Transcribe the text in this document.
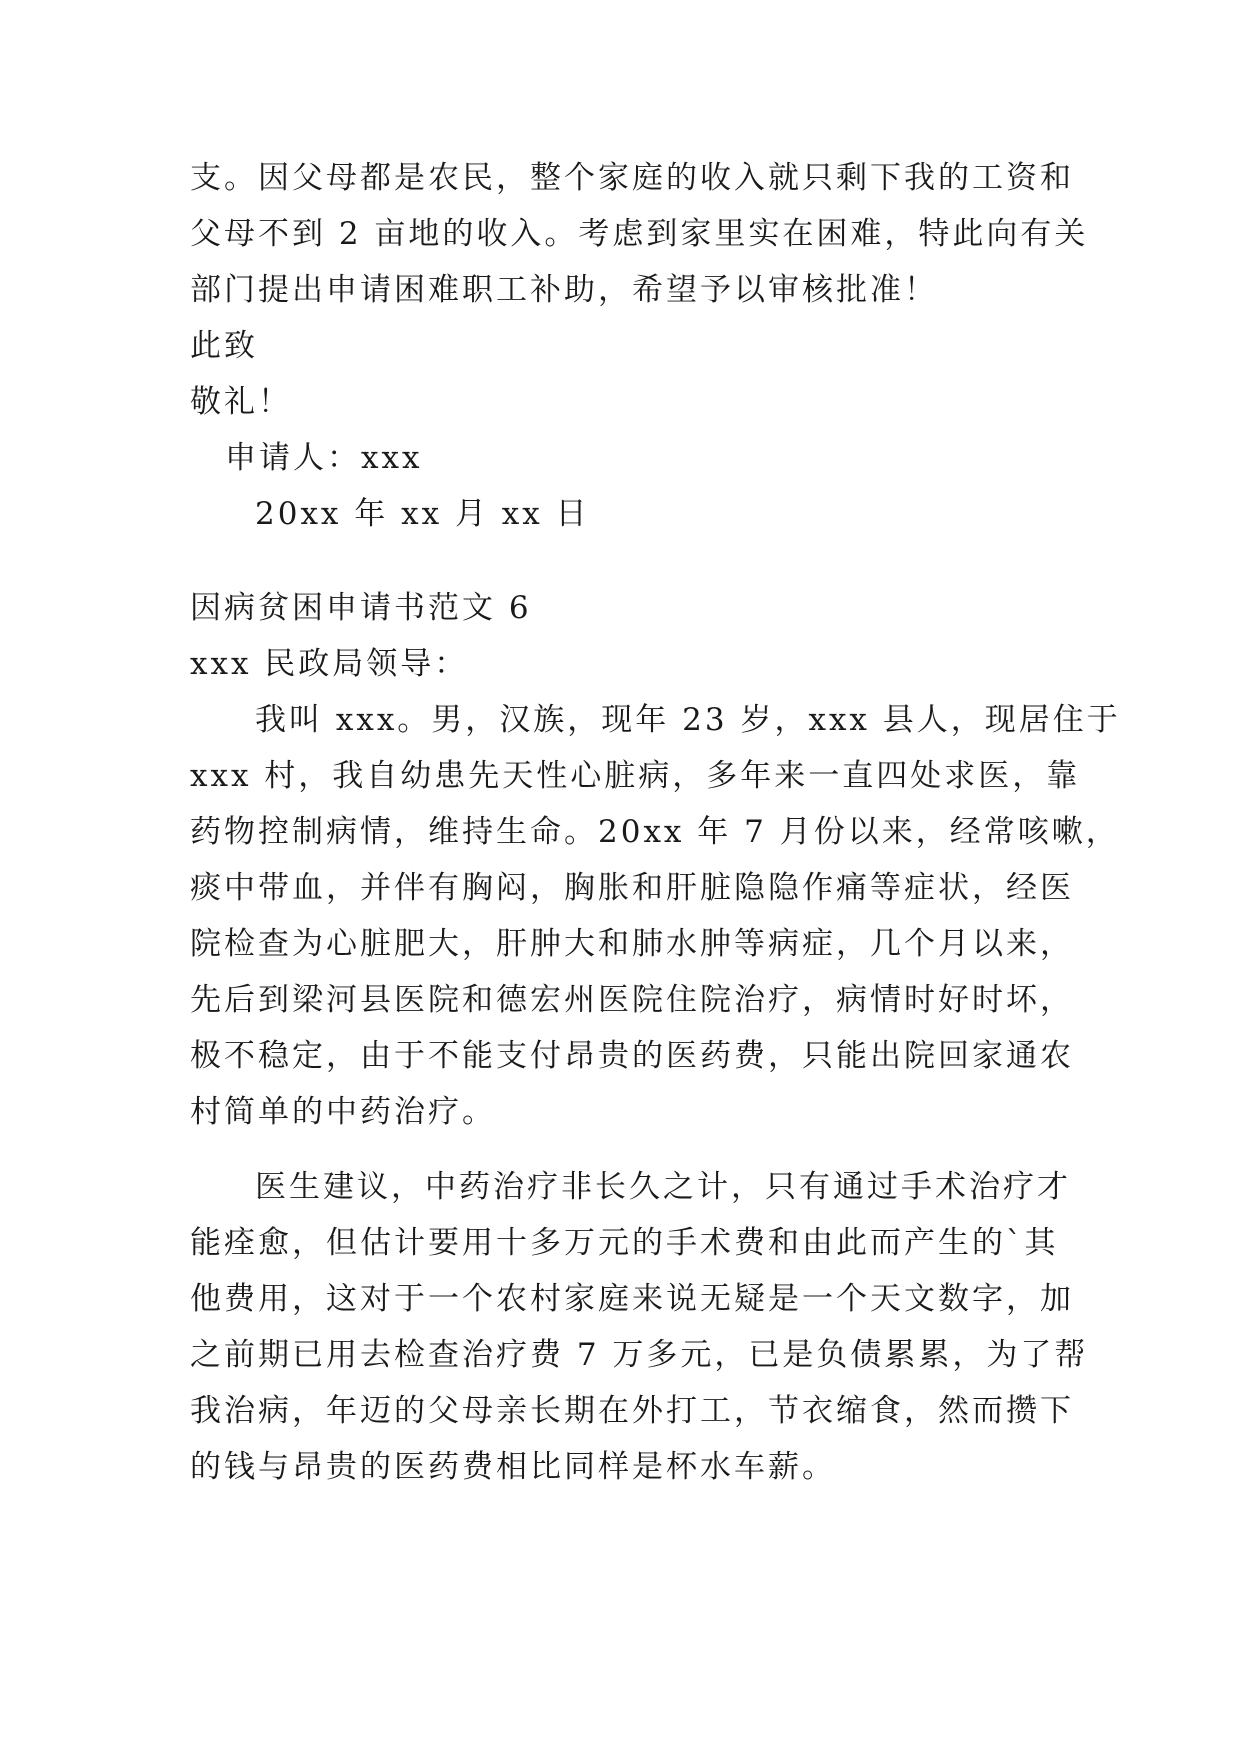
支。因父母都是农民，整个家庭的收入就只剩下我的工资和
父母不到 2 亩地的收入。考虑到家里实在困难，特此向有关
部门提出申请困难职工补助，希望予以审核批准！
此致
敬礼！
申请人：xxx
20xx 年 xx 月 xx 日
因病贫困申请书范文 6
xxx 民政局领导：
我叫 xxx。男，汉族，现年 23 岁，xxx 县人，现居住于
xxx 村，我自幼患先天性心脏病，多年来一直四处求医，靠
药物控制病情，维持生命。20xx 年 7 月份以来，经常咳嗽，
痰中带血，并伴有胸闷，胸胀和肝脏隐隐作痛等症状，经医
院检查为心脏肥大，肝肿大和肺水肿等病症，几个月以来，
先后到梁河县医院和德宏州医院住院治疗，病情时好时坏，
极不稳定，由于不能支付昂贵的医药费，只能出院回家通农
村简单的中药治疗。
医生建议，中药治疗非长久之计，只有通过手术治疗才
能痊愈，但估计要用十多万元的手术费和由此而产生的`其
他费用，这对于一个农村家庭来说无疑是一个天文数字，加
之前期已用去检查治疗费 7 万多元，已是负债累累，为了帮
我治病，年迈的父母亲长期在外打工，节衣缩食，然而攒下
的钱与昂贵的医药费相比同样是杯水车薪。
